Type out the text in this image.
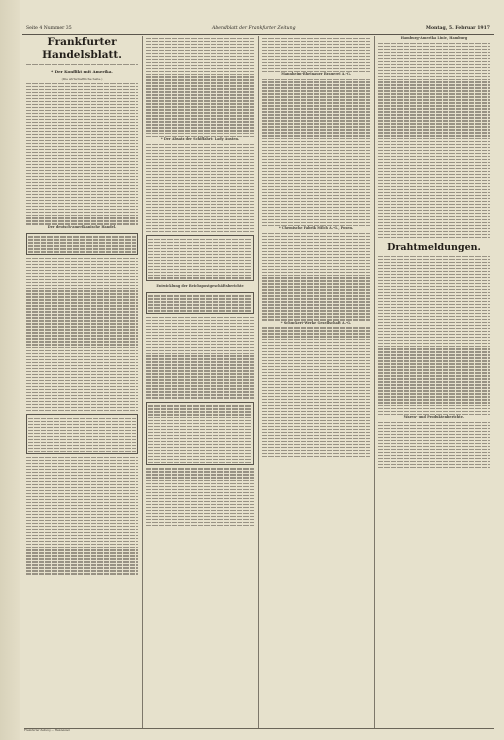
Seite 4 Nummer 35	Abendblatt der Frankfurter Zeitung	Montag, 5. Februar 1917
Frankfurter Handelsblatt.
* Der Konflikt mit Amerika.
(Die wirtschaftliche Seite.)
Der deutsch-amerikanische Handel.
* Der Absatz der Schiffahrt: Lady Austen.
Entwicklung der Reichspostgeschäftsberichte
Mannheim-Rheinauer Brauerei A.-G.
* Chemische Fabrik Milch A.-G., Posen.
* Schuckert-Werke Gesellschaft A.-G.
Hamburg-Amerika Linie, Hamburg
Drahtmeldungen.
Waren- und Produktenberichte.
Frankfurter Zeitung — Handelsteil
